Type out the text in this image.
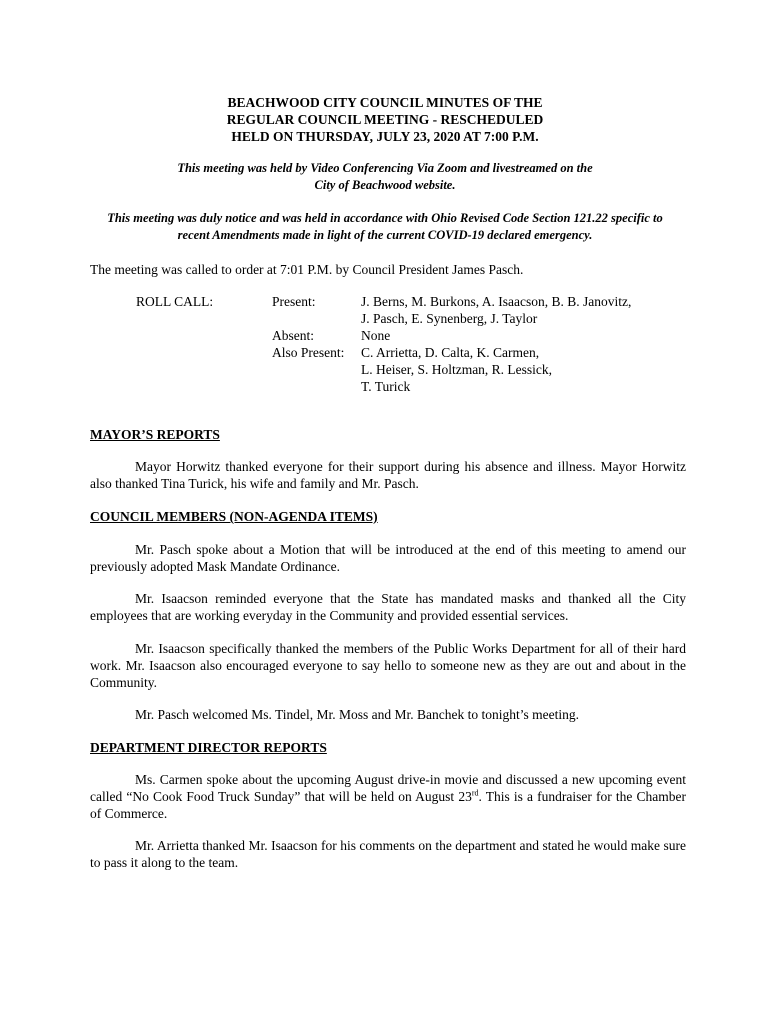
BEACHWOOD CITY COUNCIL MINUTES OF THE
REGULAR COUNCIL MEETING - RESCHEDULED
HELD ON THURSDAY, JULY 23, 2020 AT 7:00 P.M.
This meeting was held by Video Conferencing Via Zoom and livestreamed on the
City of Beachwood website.
This meeting was duly notice and was held in accordance with Ohio Revised Code Section 121.22 specific to
recent Amendments made in light of the current COVID-19 declared emergency.
The meeting was called to order at 7:01 P.M. by Council President James Pasch.
ROLL CALL:	Present:

Absent:
Also Present:
J. Berns, M. Burkons, A. Isaacson, B. B. Janovitz,
J. Pasch, E. Synenberg, J. Taylor
None
C. Arrietta, D. Calta, K. Carmen,
L. Heiser, S. Holtzman, R. Lessick,
T. Turick
MAYOR’S REPORTS
Mayor Horwitz thanked everyone for their support during his absence and illness. Mayor Horwitz also thanked Tina Turick, his wife and family and Mr. Pasch.
COUNCIL MEMBERS (NON-AGENDA ITEMS)
Mr. Pasch spoke about a Motion that will be introduced at the end of this meeting to amend our previously adopted Mask Mandate Ordinance.
Mr. Isaacson reminded everyone that the State has mandated masks and thanked all the City employees that are working everyday in the Community and provided essential services.
Mr. Isaacson specifically thanked the members of the Public Works Department for all of their hard work. Mr. Isaacson also encouraged everyone to say hello to someone new as they are out and about in the Community.
Mr. Pasch welcomed Ms. Tindel, Mr. Moss and Mr. Banchek to tonight’s meeting.
DEPARTMENT DIRECTOR REPORTS
Ms. Carmen spoke about the upcoming August drive-in movie and discussed a new upcoming event called “No Cook Food Truck Sunday” that will be held on August 23rd. This is a fundraiser for the Chamber of Commerce.
Mr. Arrietta thanked Mr. Isaacson for his comments on the department and stated he would make sure to pass it along to the team.
